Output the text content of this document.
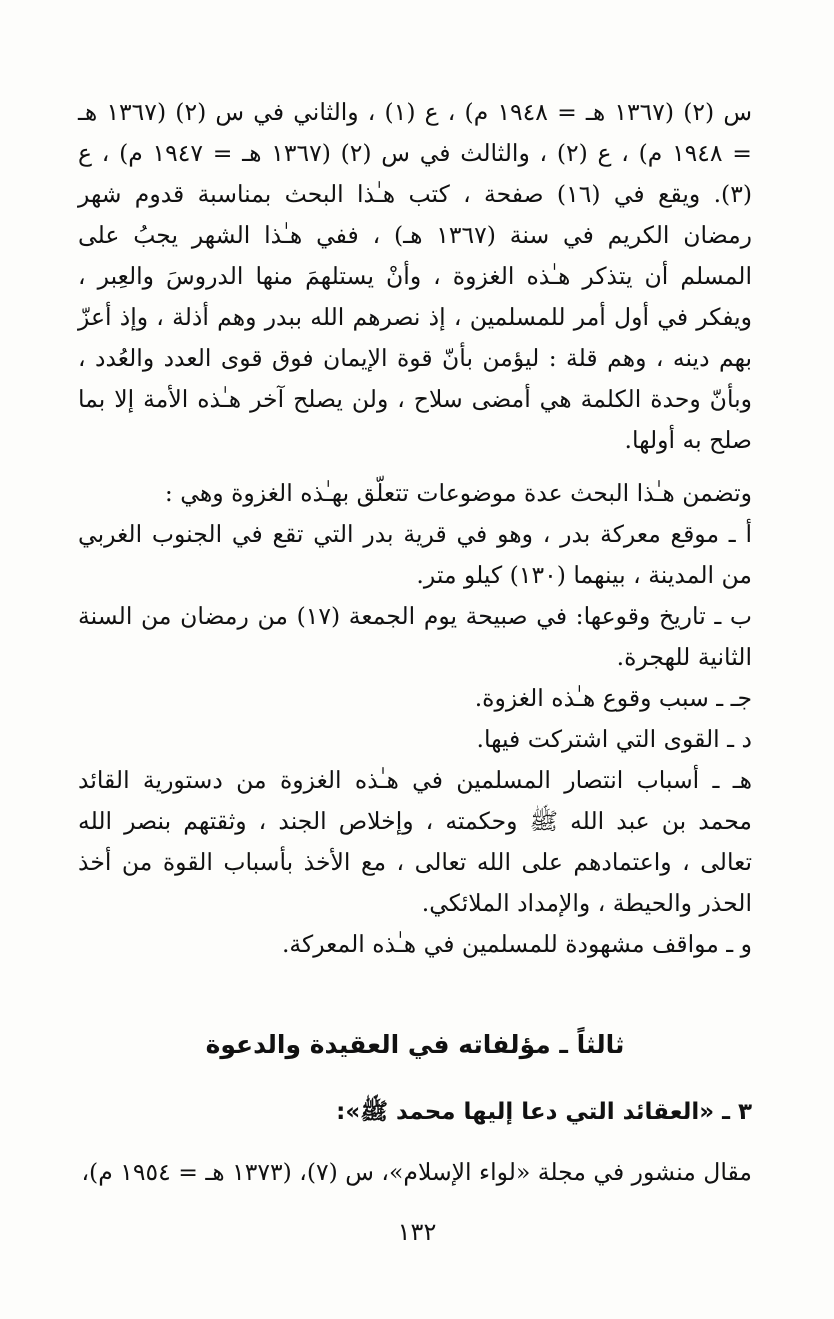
س (٢) (١٣٦٧ هـ = ١٩٤٨ م) ، ع (١) ، والثاني في س (٢) (١٣٦٧ هـ = ١٩٤٨ م) ، ع (٢) ، والثالث في س (٢) (١٣٦٧ هـ = ١٩٤٧ م) ، ع (٣). ويقع في (١٦) صفحة ، كتب هـٰذا البحث بمناسبة قدوم شهر رمضان الكريم في سنة (١٣٦٧ هـ) ، ففي هـٰذا الشهر يجبُ على المسلم أن يتذكر هـٰذه الغزوة ، وأنْ يستلهمَ منها الدروسَ والعِبر ، ويفكر في أول أمر للمسلمين ، إذ نصرهم الله ببدر وهم أذلة ، وإذ أعزّ بهم دينه ، وهم قلة : ليؤمن بأنّ قوة الإيمان فوق قوى العدد والعُدد ، وبأنّ وحدة الكلمة هي أمضى سلاح ، ولن يصلح آخر هـٰذه الأمة إلا بما صلح به أولها.

وتضمن هـٰذا البحث عدة موضوعات تتعلّق بهـٰذه الغزوة وهي :

أ ـ موقع معركة بدر ، وهو في قرية بدر التي تقع في الجنوب الغربي من المدينة ، بينهما (١٣٠) كيلو متر.

ب ـ تاريخ وقوعها: في صبيحة يوم الجمعة (١٧) من رمضان من السنة الثانية للهجرة.

جـ ـ سبب وقوع هـٰذه الغزوة.

د ـ القوى التي اشتركت فيها.

هـ ـ أسباب انتصار المسلمين في هـٰذه الغزوة من دستورية القائد محمد بن عبد الله ﷺ وحكمته ، وإخلاص الجند ، وثقتهم بنصر الله تعالى ، واعتمادهم على الله تعالى ، مع الأخذ بأسباب القوة من أخذ الحذر والحيطة ، والإمداد الملائكي.

و ـ مواقف مشهودة للمسلمين في هـٰذه المعركة.

ثالثاً ـ مؤلفاته في العقيدة والدعوة
٣ ـ «العقائد التي دعا إليها محمد ﷺ»:
مقال منشور في مجلة «لواء الإسلام»، س (٧)، (١٣٧٣ هـ = ١٩٥٤ م)،
١٣٢
